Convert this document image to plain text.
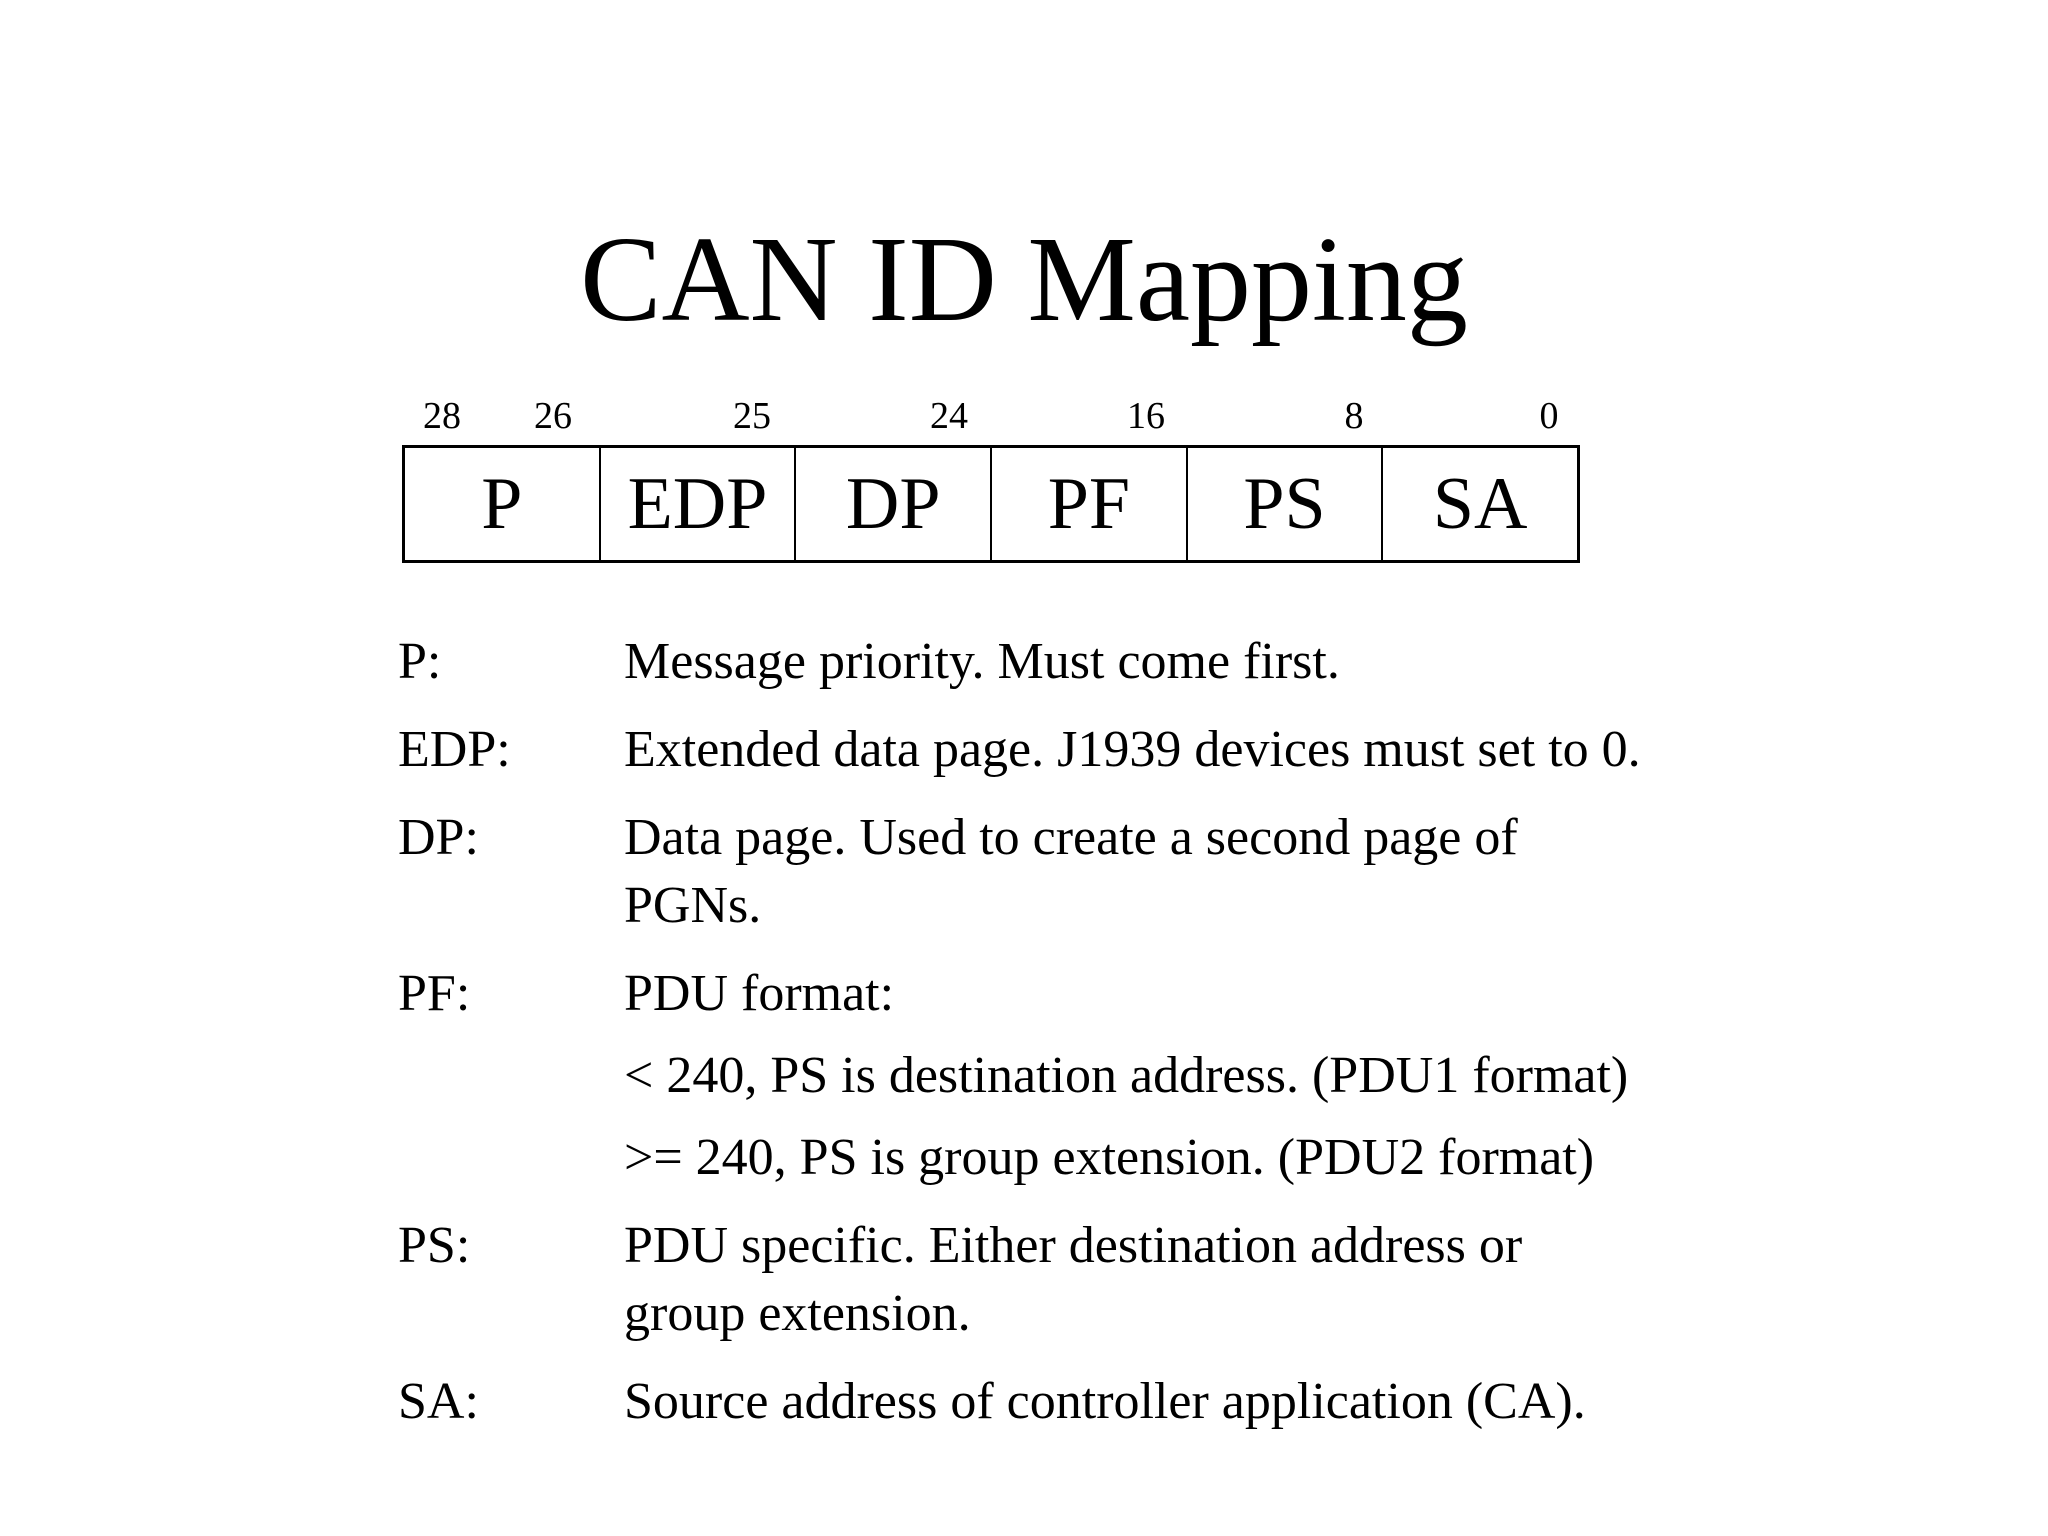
CAN ID Mapping
28	26	25	24	16	8	0
P	EDP	DP	PF	PS	SA
P:	Message priority. Must come first.
EDP: Extended data page. J1939 devices must set to 0.
DP:	Data page. Used to create a second page of PGNs.
PF:	PDU format:
< 240, PS is destination address. (PDU1 format)
>= 240, PS is group extension. (PDU2 format)
PS:	PDU specific. Either destination address or group extension.
SA:	Source address of controller application (CA).
